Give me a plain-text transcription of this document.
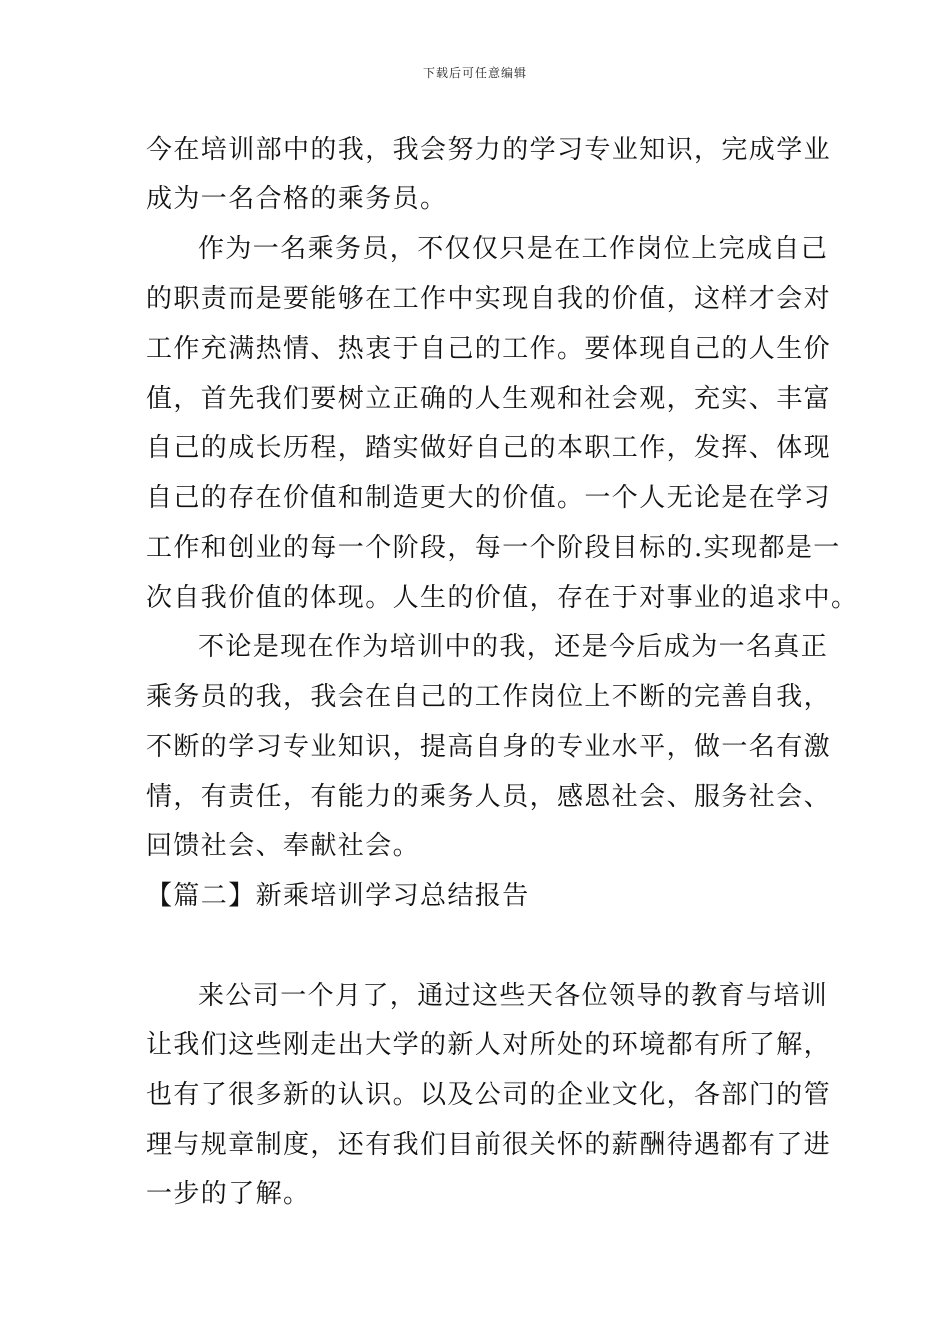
下载后可任意编辑
今在培训部中的我，我会努力的学习专业知识，完成学业
成为一名合格的乘务员。
作为一名乘务员，不仅仅只是在工作岗位上完成自己
的职责而是要能够在工作中实现自我的价值，这样才会对
工作充满热情、热衷于自己的工作。要体现自己的人生价
值，首先我们要树立正确的人生观和社会观，充实、丰富
自己的成长历程，踏实做好自己的本职工作，发挥、体现
自己的存在价值和制造更大的价值。一个人无论是在学习
工作和创业的每一个阶段，每一个阶段目标的.实现都是一
次自我价值的体现。人生的价值，存在于对事业的追求中。
不论是现在作为培训中的我，还是今后成为一名真正
乘务员的我，我会在自己的工作岗位上不断的完善自我，
不断的学习专业知识，提高自身的专业水平，做一名有激
情，有责任，有能力的乘务人员，感恩社会、服务社会、
回馈社会、奉献社会。
【篇二】新乘培训学习总结报告
来公司一个月了，通过这些天各位领导的教育与培训
让我们这些刚走出大学的新人对所处的环境都有所了解，
也有了很多新的认识。以及公司的企业文化，各部门的管
理与规章制度，还有我们目前很关怀的薪酬待遇都有了进
一步的了解。
